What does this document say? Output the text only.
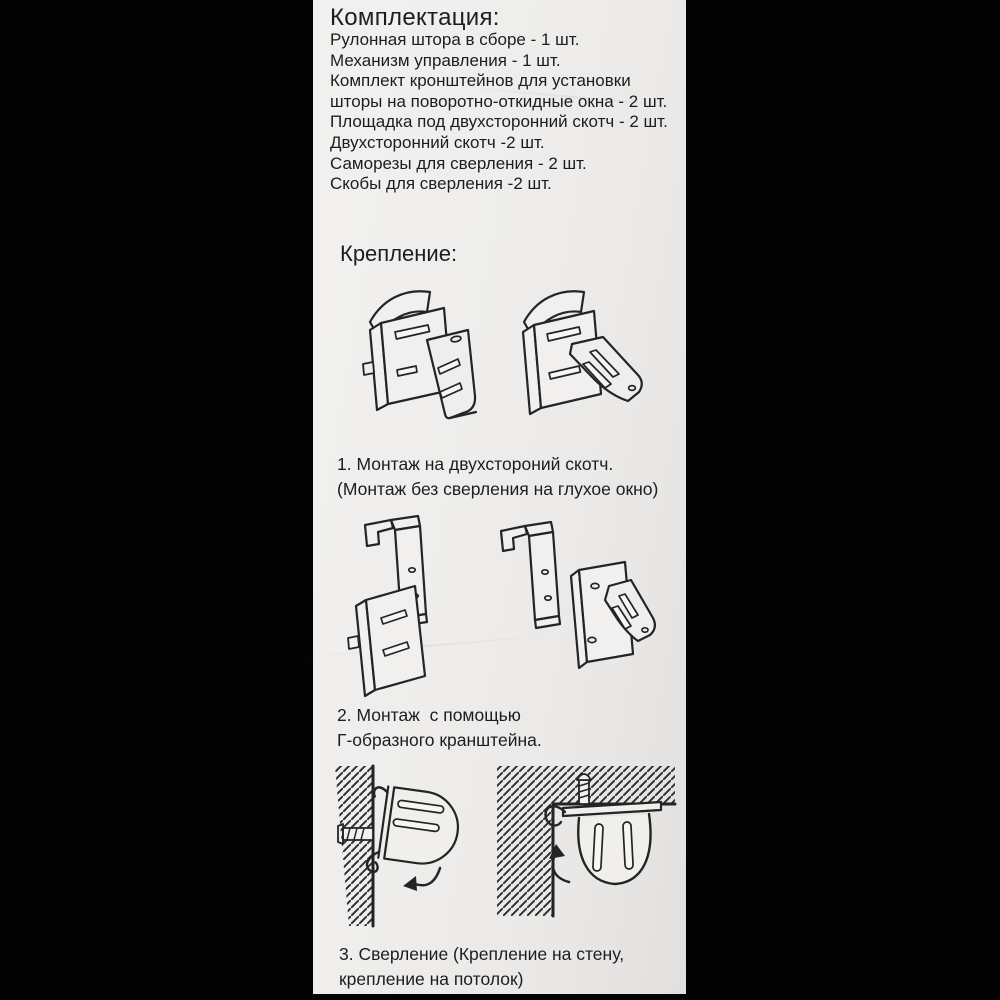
Комплектация:
Рулонная штора в сборе - 1 шт.
Механизм управления - 1 шт.
Комплект кронштейнов для установки
шторы на поворотно-откидные окна - 2 шт.
Площадка под двухсторонний скотч - 2 шт.
Двухсторонний скотч -2 шт.
Саморезы для сверления - 2 шт.
Скобы для сверления -2 шт.
Крепление:
1. Монтаж на двухстороний скотч.
(Монтаж без сверления на глухое окно)
2. Монтаж  с помощью
Г-образного кранштейна.
3. Сверление (Крепление на стену,
крепление на потолок)
